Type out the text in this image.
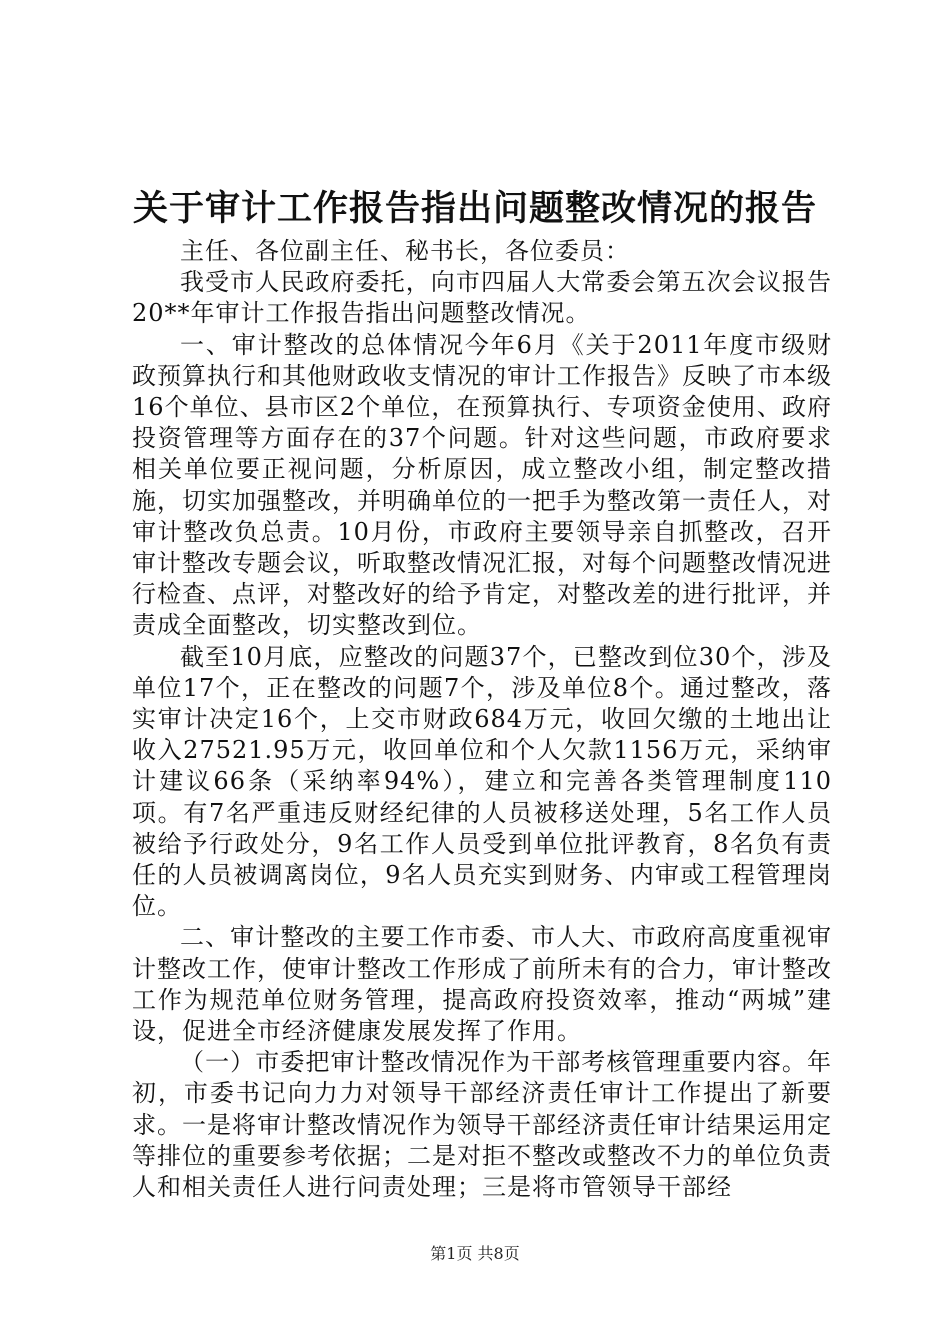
关于审计工作报告指出问题整改情况的报告

主任、各位副主任、秘书长，各位委员：

我受市人民政府委托，向市四届人大常委会第五次会议报告20**年审计工作报告指出问题整改情况。

一、审计整改的总体情况今年6月《关于2011年度市级财政预算执行和其他财政收支情况的审计工作报告》反映了市本级16个单位、县市区2个单位，在预算执行、专项资金使用、政府投资管理等方面存在的37个问题。针对这些问题，市政府要求相关单位要正视问题，分析原因，成立整改小组，制定整改措施，切实加强整改，并明确单位的一把手为整改第一责任人，对审计整改负总责。10月份，市政府主要领导亲自抓整改，召开审计整改专题会议，听取整改情况汇报，对每个问题整改情况进行检查、点评，对整改好的给予肯定，对整改差的进行批评，并责成全面整改，切实整改到位。

截至10月底，应整改的问题37个，已整改到位30个，涉及单位17个，正在整改的问题7个，涉及单位8个。通过整改，落实审计决定16个，上交市财政684万元，收回欠缴的土地出让收入27521.95万元，收回单位和个人欠款1156万元，采纳审计建议66条（采纳率94%），建立和完善各类管理制度110项。有7名严重违反财经纪律的人员被移送处理，5名工作人员被给予行政处分，9名工作人员受到单位批评教育，8名负有责任的人员被调离岗位，9名人员充实到财务、内审或工程管理岗位。

二、审计整改的主要工作市委、市人大、市政府高度重视审计整改工作，使审计整改工作形成了前所未有的合力，审计整改工作为规范单位财务管理，提高政府投资效率，推动“两城”建设，促进全市经济健康发展发挥了作用。

（一）市委把审计整改情况作为干部考核管理重要内容。年初，市委书记向力力对领导干部经济责任审计工作提出了新要求。一是将审计整改情况作为领导干部经济责任审计结果运用定等排位的重要参考依据；二是对拒不整改或整改不力的单位负责人和相关责任人进行问责处理；三是将市管领导干部经

第1页 共8页
